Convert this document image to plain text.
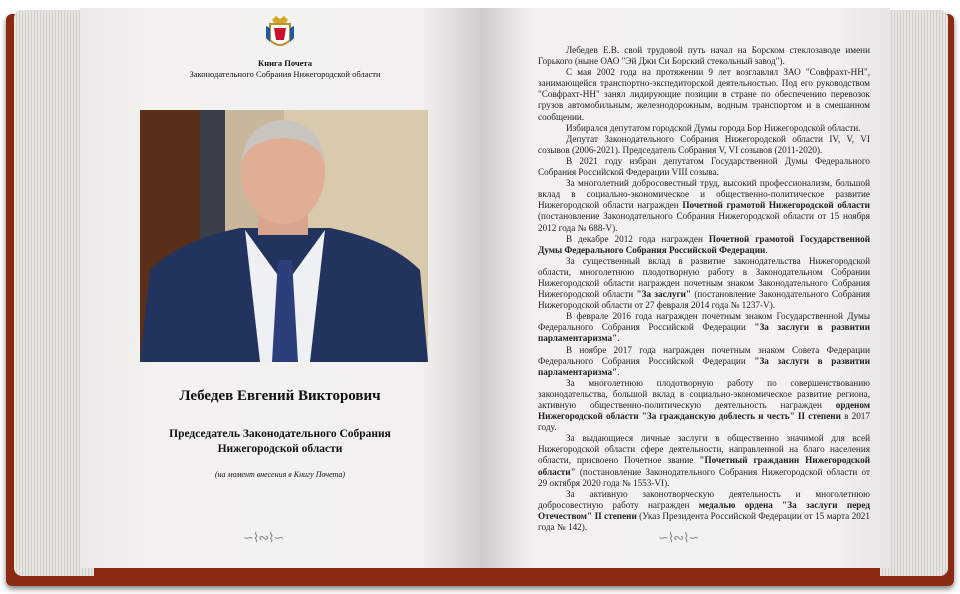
Книга Почета
Законодательного Собрания Нижегородской области
Лебедев Евгений Викторович
Председатель Законодательного Собрания
Нижегородской области
(на момент внесения в Книгу Почета)
∽⌇∾⌇∽	∽⌇∾⌇∽

Лебедев Е.В. свой трудовой путь начал на Борском стеклозаводе имени Горького (ныне ОАО "Эй Джи Си Борский стекольный завод").

С мая 2002 года на протяжении 9 лет возглавлял ЗАО "Совфрахт-НН", занимающейся транспортно-экспедиторской деятельностью. Под его руководством "Совфрахт-НН" занял лидирующие позиции в стране по обеспечению перевозок грузов автомобильным, железнодорожным, водным транспортом и в смешанном сообщении.

Избирался депутатом городской Думы города Бор Нижегородской области.

Депутат Законодательного Собрания Нижегородской области IV, V, VI созывов (2006-2021). Председатель Собрания V, VI созывов (2011-2020).

В 2021 году избран депутатом Государственной Думы Федерального Собрания Российской Федерации VIII созыва.

За многолетний добросовестный труд, высокий профессионализм, большой вклад в социально-экономическое и общественно-политическое развитие Нижегородской области награжден Почетной грамотой Нижегородской области (постановление Законодательного Собрания Нижегородской области от 15 ноября 2012 года № 688-V).

В декабре 2012 года награжден Почетной грамотой Государственной Думы Федерального Собрания Российской Федерации.

За существенный вклад в развитие законодательства Нижегородской области, многолетнюю плодотворную работу в Законодательном Собрании Нижегородской области награжден почетным знаком Законодательного Собрания Нижегородской области "За заслуги" (постановление Законодательного Собрания Нижегородской области от 27 февраля 2014 года № 1237-V).

В феврале 2016 года награжден почетным знаком Государственной Думы Федерального Собрания Российской Федерации "За заслуги в развитии парламентаризма".

В ноябре 2017 года награжден почетным знаком Совета Федерации Федерального Собрания Российской Федерации "За заслуги в развитии парламентаризма".

За многолетнюю плодотворную работу по совершенствованию законодательства, большой вклад в социально-экономическое развитие региона, активную общественно-политическую деятельность награжден орденом Нижегородской области "За гражданскую доблесть и честь" II степени в 2017 году.

За выдающиеся личные заслуги в общественно значимой для всей Нижегородской области сфере деятельности, направленной на благо населения области, присвоено Почетное звание "Почетный гражданин Нижегородской области" (постановление Законодательного Собрания Нижегородской области от 29 октября 2020 года № 1553-VI).

За активную законотворческую деятельность и многолетнюю добросовестную работу награжден медалью ордена "За заслуги перед Отечеством" II степени (Указ Президента Российской Федерации от 15 марта 2021 года № 142).
